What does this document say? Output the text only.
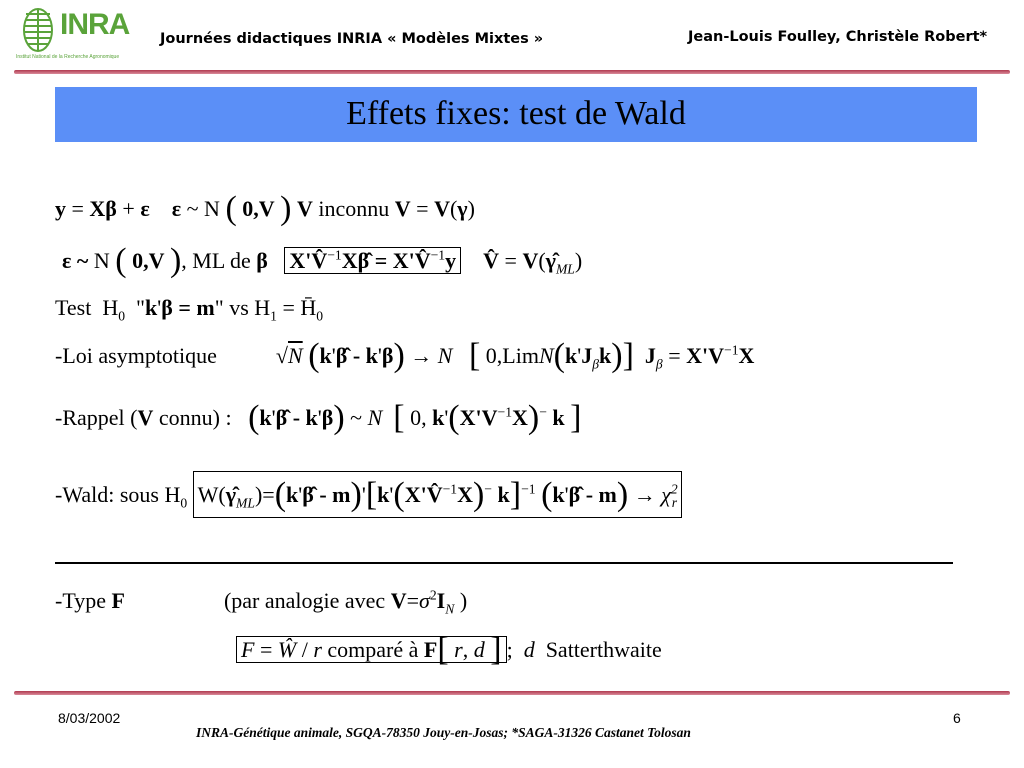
INRA
Institut National de la Recherche Agronomique
Journées didactiques INRIA « Modèles Mixtes »	Jean-Louis Foulley, Christèle Robert*
Effets fixes: test de Wald
y = Xβ + ε ε ~ N ( 0,V ) V inconnu V = V(γ)
ε ~ N ( 0,V ), ML de β X'V̂$^{-1}$Xβ̂ = X'V̂$^{-1}$y V̂ = $V(\gammâ_{ML})$
Test  $H_0$  "k'β = m" vs $H_1$ = $H̄_0$
-Loi asymptotique  √N (k'β̂ - k'β) → N [ $0,LimN(k'J_\beta k)$] $J_\beta = X'V^{-1}X$
-Rappel (V connu) : (k'β̂ - k'β) ~ N [ 0, $k'(X'V^{-1}X)^-$ k ]
-Wald: sous $H_0$ $W(\gammâ_{ML})=(k'\betâ$ - m)'[k'(X'V̂$^{-1}$X)− k]$^{-1}$ (k'β̂ - $m) \to \chi^2_r$
-Type F	(par analogie avec $V=\sigma^2I_N$ )
F = Ŵ / r comparé à F[ r, d ] ;  d Satterthwaite
8/03/2002	6
INRA-Génétique animale, SGQA-78350 Jouy-en-Josas; *SAGA-31326 Castanet Tolosan
